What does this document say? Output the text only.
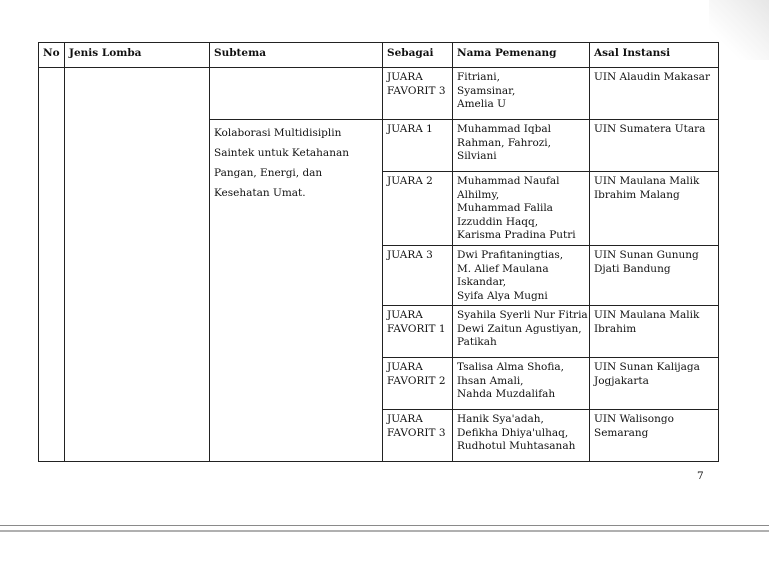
No	Jenis Lomba	Subtema	Sebagai	Nama Pemenang	Asal Instansi

			JUARA
FAVORIT 3	Fitriani,
Syamsinar,
Amelia U	UIN Alaudin Makasar

		Kolaborasi Multidisiplin
Saintek untuk Ketahanan
Pangan, Energi, dan
Kesehatan Umat.	JUARA 1	Muhammad Iqbal
Rahman, Fahrozi,
Silviani	UIN Sumatera Utara

			JUARA 2	Muhammad Naufal
Alhilmy,
Muhammad Falila
Izzuddin Haqq,
Karisma Pradina Putri	UIN Maulana Malik
Ibrahim Malang

			JUARA 3	Dwi Prafitaningtias,
M. Alief Maulana
Iskandar,
Syifa Alya Mugni	UIN Sunan Gunung
Djati Bandung

			JUARA
FAVORIT 1	Syahila Syerli Nur Fitria
Dewi Zaitun Agustiyan,
Patikah	UIN Maulana Malik
Ibrahim

			JUARA
FAVORIT 2	Tsalisa Alma Shofia,
Ihsan Amali,
Nahda Muzdalifah	UIN Sunan Kalijaga
Jogjakarta

			JUARA
FAVORIT 3	Hanik Sya'adah,
Defikha Dhiya'ulhaq,
Rudhotul Muhtasanah	UIN Walisongo
Semarang
7
